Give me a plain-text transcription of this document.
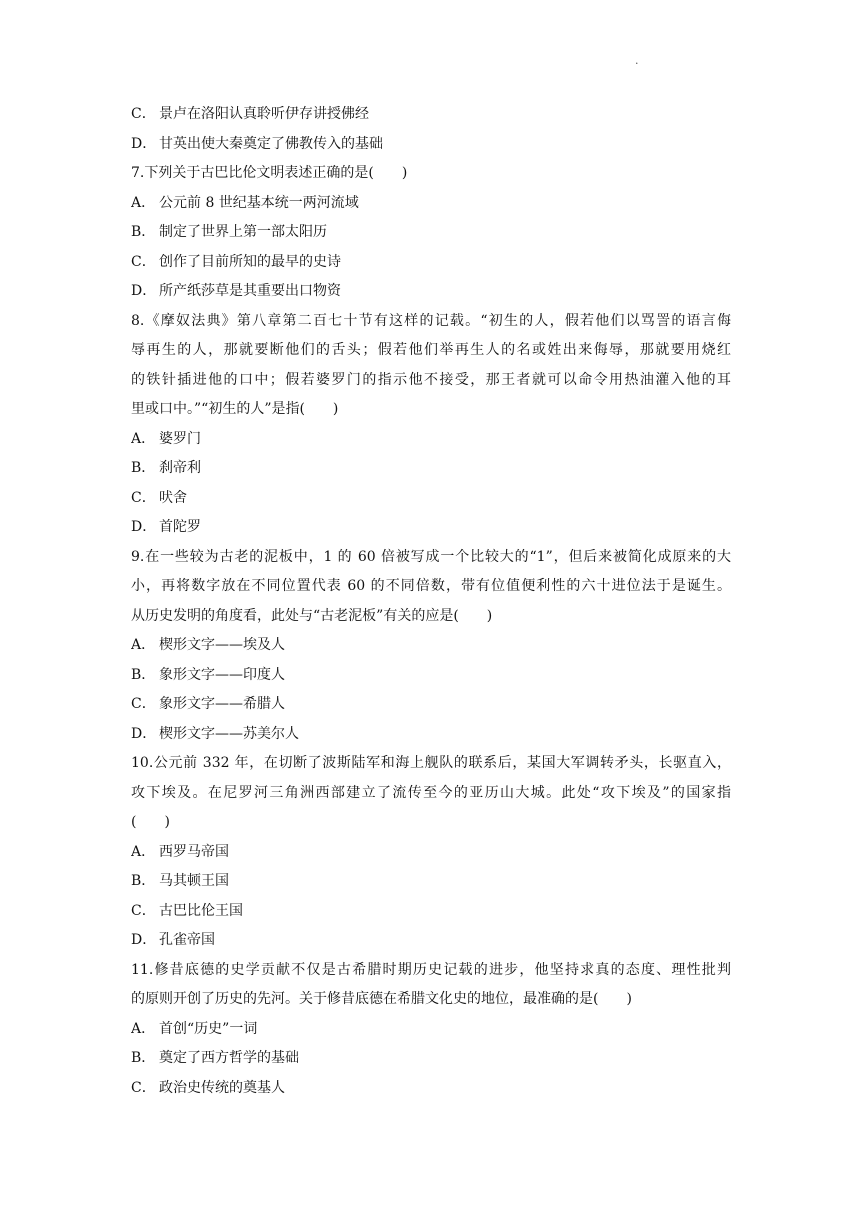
.
C． 景卢在洛阳认真聆听伊存讲授佛经
D． 甘英出使大秦奠定了佛教传入的基础
7.下列关于古巴比伦文明表述正确的是(　　)
A． 公元前 8 世纪基本统一两河流域
B． 制定了世界上第一部太阳历
C． 创作了目前所知的最早的史诗
D． 所产纸莎草是其重要出口物资
8.《摩奴法典》第八章第二百七十节有这样的记载。“初生的人，假若他们以骂詈的语言侮
辱再生的人，那就要断他们的舌头；假若他们举再生人的名或姓出来侮辱，那就要用烧红
的铁针插进他的口中；假若婆罗门的指示他不接受，那王者就可以命令用热油灌入他的耳
里或口中。”“初生的人”是指(　　)
A． 婆罗门
B． 刹帝利
C． 吠舍
D． 首陀罗
9.在一些较为古老的泥板中，1 的 60 倍被写成一个比较大的“1”，但后来被简化成原来的大
小，再将数字放在不同位置代表 60 的不同倍数，带有位值便利性的六十进位法于是诞生。
从历史发明的角度看，此处与“古老泥板”有关的应是(　　)
A． 楔形文字——埃及人
B． 象形文字——印度人
C． 象形文字——希腊人
D． 楔形文字——苏美尔人
10.公元前 332 年，在切断了波斯陆军和海上舰队的联系后，某国大军调转矛头，长驱直入，
攻下埃及。在尼罗河三角洲西部建立了流传至今的亚历山大城。此处“攻下埃及”的国家指
(　　)
A． 西罗马帝国
B． 马其顿王国
C． 古巴比伦王国
D． 孔雀帝国
11.修昔底德的史学贡献不仅是古希腊时期历史记载的进步，他坚持求真的态度、理性批判
的原则开创了历史的先河。关于修昔底德在希腊文化史的地位，最准确的是(　　)
A． 首创“历史”一词
B． 奠定了西方哲学的基础
C． 政治史传统的奠基人
